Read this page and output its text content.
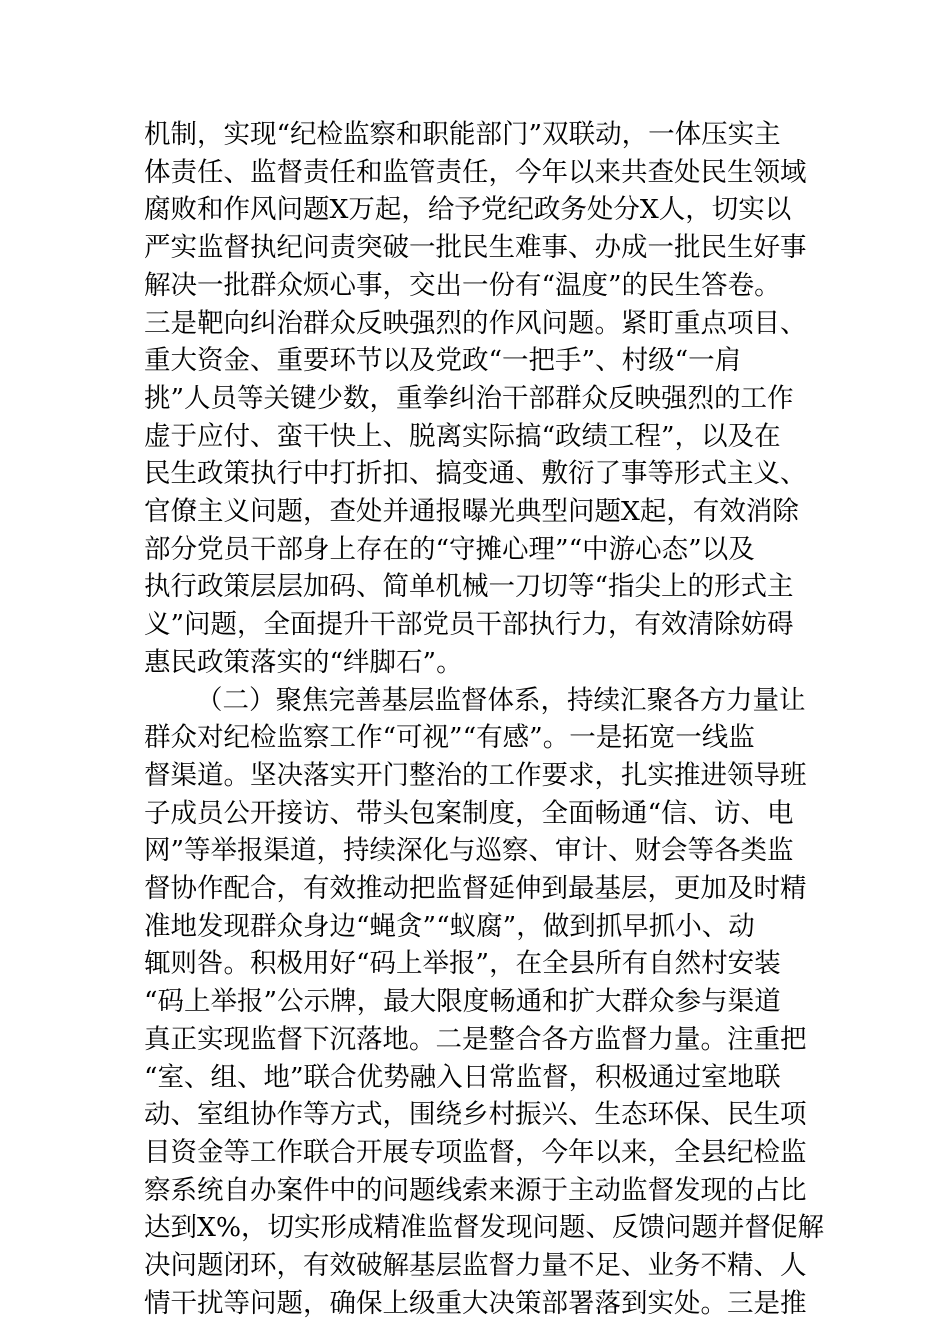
机制，实现“纪检监察和职能部门”双联动，一体压实主
体责任、监督责任和监管责任，今年以来共查处民生领域
腐败和作风问题X万起，给予党纪政务处分X人，切实以
严实监督执纪问责突破一批民生难事、办成一批民生好事
解决一批群众烦心事，交出一份有“温度”的民生答卷。
三是靶向纠治群众反映强烈的作风问题。紧盯重点项目、
重大资金、重要环节以及党政“一把手”、村级“一肩
挑”人员等关键少数，重拳纠治干部群众反映强烈的工作
虚于应付、蛮干快上、脱离实际搞“政绩工程”，以及在
民生政策执行中打折扣、搞变通、敷衍了事等形式主义、
官僚主义问题，查处并通报曝光典型问题X起，有效消除
部分党员干部身上存在的“守摊心理”“中游心态”以及
执行政策层层加码、简单机械一刀切等“指尖上的形式主
义”问题，全面提升干部党员干部执行力，有效清除妨碍
惠民政策落实的“绊脚石”。

（二）聚焦完善基层监督体系，持续汇聚各方力量让
群众对纪检监察工作“可视”“有感”。一是拓宽一线监
督渠道。坚决落实开门整治的工作要求，扎实推进领导班
子成员公开接访、带头包案制度，全面畅通“信、访、电
网”等举报渠道，持续深化与巡察、审计、财会等各类监
督协作配合，有效推动把监督延伸到最基层，更加及时精
准地发现群众身边“蝇贪”“蚁腐”，做到抓早抓小、动
辄则咎。积极用好“码上举报”，在全县所有自然村安装
“码上举报”公示牌，最大限度畅通和扩大群众参与渠道
真正实现监督下沉落地。二是整合各方监督力量。注重把
“室、组、地”联合优势融入日常监督，积极通过室地联
动、室组协作等方式，围绕乡村振兴、生态环保、民生项
目资金等工作联合开展专项监督，今年以来，全县纪检监
察系统自办案件中的问题线索来源于主动监督发现的占比
达到X%，切实形成精准监督发现问题、反馈问题并督促解
决问题闭环，有效破解基层监督力量不足、业务不精、人
情干扰等问题，确保上级重大决策部署落到实处。三是推
